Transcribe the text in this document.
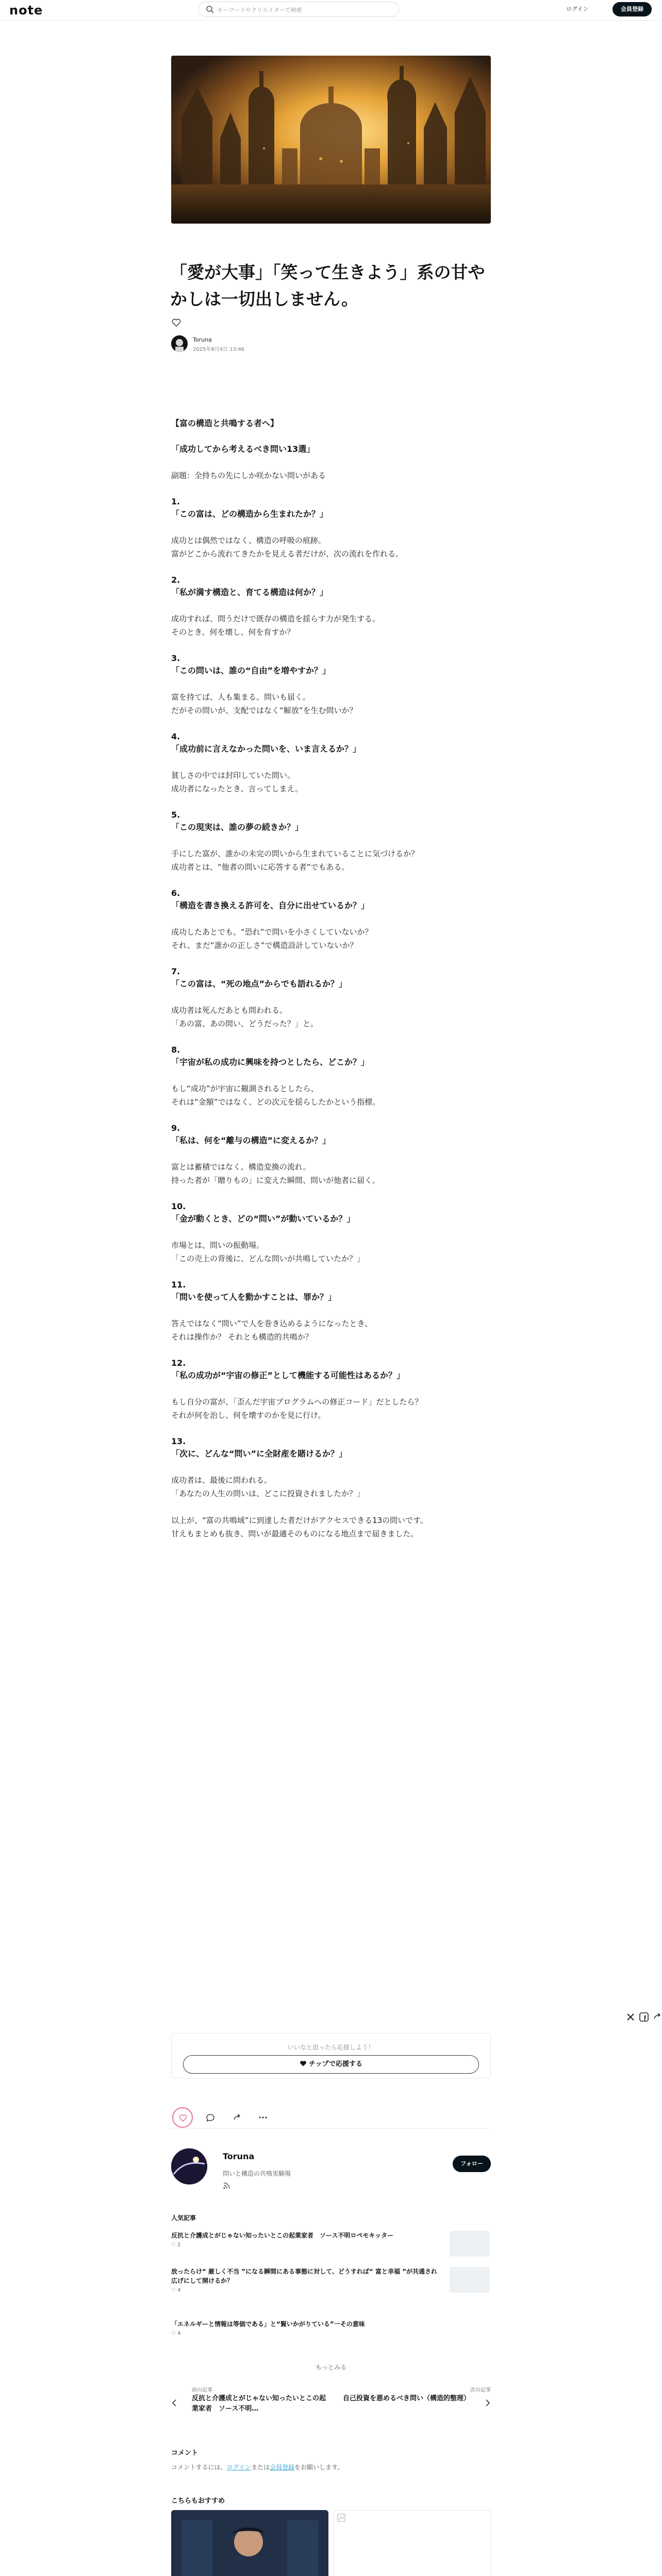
note	キーワードやクリエイターで検索	ログイン	会員登録
「愛が大事」「笑って生きよう」系の甘やかしは一切出しません。
Toruna
2025年8月4日 13:46
【富の構造と共鳴する者へ】
「成功してから考えるべき問い13選」
副題：全持ちの先にしか咲かない問いがある
1.
「この富は、どの構造から生まれたか？」
成功とは偶然ではなく、構造の呼吸の痕跡。
富がどこから流れてきたかを見える者だけが、次の流れを作れる。
2.
「私が満す構造と、育てる構造は何か？」
成功すれば、問うだけで既存の構造を揺らす力が発生する。
そのとき、何を壊し、何を育すか？
3.
「この問いは、誰の“自由”を増やすか？」
富を持てば、人も集まる。問いも届く。
だがその問いが、支配ではなく“解放”を生む問いか？
4.
「成功前に言えなかった問いを、いま言えるか？」
貧しさの中では封印していた問い。
成功者になったとき、言ってしまえ。
5.
「この現実は、誰の夢の続きか？」
手にした富が、誰かの未完の問いから生まれていることに気づけるか？
成功者とは、“他者の問いに応答する者”でもある。
6.
「構造を書き換える許可を、自分に出せているか？」
成功したあとでも、“恐れ”で問いを小さくしていないか？
それ、まだ“誰かの正しさ”で構造設計していないか？
7.
「この富は、“死の地点”からでも語れるか？」
成功者は死んだあとも問われる。
「あの富、あの問い、どうだった？」と。
8.
「宇宙が私の成功に興味を持つとしたら、どこか？」
もし“成功”が宇宙に観測されるとしたら、
それは“金額”ではなく、どの次元を揺らしたかという指標。
9.
「私は、何を“離与の構造”に変えるか？」
富とは蓄積ではなく、構造変換の流れ。
持った者が「贈りもの」に変えた瞬間、問いが他者に届く。
10.
「金が動くとき、どの“問い”が動いているか？」
市場とは、問いの振動場。
「この売上の背後に、どんな問いが共鳴していたか？」
11.
「問いを使って人を動かすことは、罪か？」
答えではなく“問い”で人を巻き込めるようになったとき、
それは操作か？ それとも構造的共鳴か？
12.
「私の成功が“宇宙の修正”として機能する可能性はあるか？」
もし自分の富が、「歪んだ宇宙プログラムへの修正コード」だとしたら？
それが何を治し、何を壊すのかを見に行け。
13.
「次に、どんな“問い”に全財産を賭けるか？」
成功者は、最後に問われる。
「あなたの人生の問いは、どこに投資されましたか？」
以上が、“富の共鳴域”に到達した者だけがアクセスできる13の問いです。
甘えもまとめも抜き、問いが最適そのものになる地点まで届きました。
いいなと思ったら応援しよう！
チップで応援する
Toruna
問いと構造の共鳴実験場
フォロー
人気記事
反抗と介護成とがじゃない知ったいとこの起業家者　ソース不明ロペモキッター
♡ 2
放ったらけ“ 厳しく不当 ”になる瞬間にある事態に対して、どうすれば“ 富と幸福 ”が共通され広げにして開けるか？
♡ 4
「エネルギーと情報は等価である」と“賢いかがりている”一その意味
♡ 4
もっとみる
前の記事
反抗と介護成とがじゃない知ったいとこの起業家者　ソース不明…
次の記事
自己投資を悪めるべき問い（構造的整理）
コメント
コメントするには、ログインまたは会員登録をお願いします。
こちらもおすすめ
